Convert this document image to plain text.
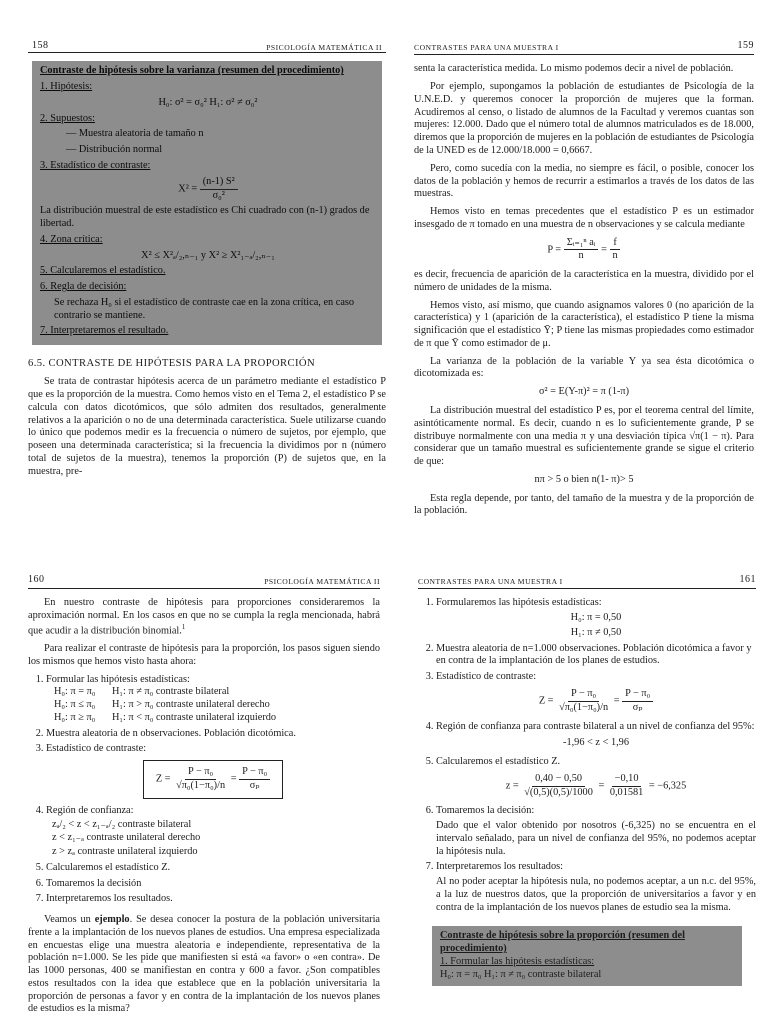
158	PSICOLOGÍA MATEMÁTICA II
Contraste de hipótesis sobre la varianza (resumen del procedimiento)
1. Hipótesis:
H₀: σ² = σ₀² H₁: σ² ≠ σ₀²
2. Supuestos:
— Muestra aleatoria de tamaño n
— Distribución normal
3. Estadístico de contraste:
$X^2 = \frac{\text{(n-1) S²}}{\text{σ₀²}}$
La distribución muestral de este estadístico es Chi cuadrado con (n-1) grados de libertad.
4. Zona crítica:
X² ≤ X²ₐ/₂,ₙ₋₁ y X² ≥ X²₁₋ₐ/₂,ₙ₋₁
5. Calcularemos el estadístico.
6. Regla de decisión:
Se rechaza H₀ si el estadístico de contraste cae en la zona crítica, en caso contrario se mantiene.
7. Interpretaremos el resultado.
6.5. CONTRASTE DE HIPÓTESIS PARA LA PROPORCIÓN

Se trata de contrastar hipótesis acerca de un parámetro mediante el estadístico P que es la proporción de la muestra. Como hemos visto en el Tema 2, el estadístico P se calcula con datos dicotómicos, que sólo admiten dos resultados, generalmente relativos a la aparición o no de una determinada característica. Suele utilizarse cuando lo único que podemos medir es la frecuencia o número de sujetos, por ejemplo, que poseen una determinada característica; si la frecuencia la dividimos por n (número total de sujetos de la muestra), tenemos la proporción (P) de sujetos que, en la muestra, pre-

CONTRASTES PARA UNA MUESTRA I	159

senta la característica medida. Lo mismo podemos decir a nivel de población.

Por ejemplo, supongamos la población de estudiantes de Psicología de la U.N.E.D. y queremos conocer la proporción de mujeres que la forman. Acudiremos al censo, o listado de alumnos de la Facultad y veremos cuantas son mujeres: 12.000. Dado que el número total de alumnos matriculados es de 18.000, diremos que la proporción de mujeres en la población de estudiantes de Psicología de la UNED es de 12.000/18.000 = 0,6667.

Pero, como sucedía con la media, no siempre es fácil, o posible, conocer los datos de la población y hemos de recurrir a estimarlos a través de los datos de las muestras.

Hemos visto en temas precedentes que el estadístico P es un estimador insesgado de π tomado en una muestra de n observaciones y se calcula mediante

$P = \frac{\text{Σᵢ₌₁ⁿ aᵢ}}{n} = \frac{f}{n}$

es decir, frecuencia de aparición de la característica en la muestra, dividido por el número de unidades de la misma.

Hemos visto, así mismo, que cuando asignamos valores 0 (no aparición de la característica) y 1 (aparición de la característica), el estadístico P tiene la misma significación que el estadístico Ȳ; P tiene las mismas propiedades como estimador de π que Ȳ como estimador de μ.

La varianza de la población de la variable Y ya sea ésta dicotómica o dicotomizada es:

σ² = E(Y-π)² = π (1-π)

La distribución muestral del estadístico P es, por el teorema central del límite, asintóticamente normal. Es decir, cuando n es lo suficientemente grande, P se distribuye normalmente con una media π y una desviación típica √π(1 − π). Para considerar que un tamaño muestral es suficientemente grande se sigue el criterio de que:

nπ > 5 o bien n(1- π)> 5

Esta regla depende, por tanto, del tamaño de la muestra y de la proporción de la población.

160	PSICOLOGÍA MATEMÁTICA II

En nuestro contraste de hipótesis para proporciones consideraremos la aproximación normal. En los casos en que no se cumpla la regla mencionada, habrá que acudir a la distribución binomial.$^1$

Para realizar el contraste de hipótesis para la proporción, los pasos siguen siendo los mismos que hemos visto hasta ahora:

1. Formular las hipótesis estadísticas:
H₀: π = π₀	H₁: π ≠ π₀ contraste bilateral
H₀: π ≤ π₀	H₁: π > π₀ contraste unilateral derecho
H₀: π ≥ π₀	H₁: π < π₀ contraste unilateral izquierdo
2. Muestra aleatoria de n observaciones. Población dicotómica.
3. Estadístico de contraste:
$Z = \frac{\text{P − π₀}}{\text{√π₀(1−π₀)/n}} = \frac{\text{P − π₀}}{\text{σₚ}}$
4. Región de confianza:
zₐ/₂ < z < z₁₋ₐ/₂ contraste bilateral
z < z₁₋ₐ contraste unilateral derecho
z > zₐ contraste unilateral izquierdo
5. Calcularemos el estadístico Z.
6. Tomaremos la decisión
7. Interpretaremos los resultados.

Veamos un ejemplo. Se desea conocer la postura de la población universitaria frente a la implantación de los nuevos planes de estudios. Una empresa especializada en encuestas elige una muestra aleatoria e independiente, representativa de la población n=1.000. Se les pide que manifiesten si está «a favor» o «en contra». De las 1000 personas, 400 se manifiestan en contra y 600 a favor. ¿Son compatibles estos resultados con la idea que establece que en la población universitaria la proporción de personas a favor y en contra de la implantación de los nuevos planes de estudios es la misma?

CONTRASTES PARA UNA MUESTRA I	161
1. Formularemos las hipótesis estadísticas:
H₀: π = 0,50
H₁: π ≠ 0,50
2. Muestra aleatoria de n=1.000 observaciones. Población dicotómica a favor y en contra de la implantación de los planes de estudios.
3. Estadístico de contraste:
$Z = \frac{\text{P − π₀}}{\text{√π₀(1−π₀)/n}} = \frac{\text{P − π₀}}{\text{σₚ}}$
4. Región de confianza para contraste bilateral a un nivel de confianza del 95%:
-1,96 < z < 1,96
5. Calcularemos el estadístico Z.
$z = \frac{0,40 - 0,50}{√(0,5)(0,5)/1000} = \frac{-0,10}{0,01581} = -6,325$
6. Tomaremos la decisión:

Dado que el valor obtenido por nosotros (-6,325) no se encuentra en el intervalo señalado, para un nivel de confianza del 95%, no podemos aceptar la hipótesis nula.

7. Interpretaremos los resultados:

Al no poder aceptar la hipótesis nula, no podemos aceptar, a un n.c. del 95%, a la luz de nuestros datos, que la proporción de universitarios a favor y en contra de la implantación de los nuevos planes de estudio sea la misma.

Contraste de hipótesis sobre la proporción (resumen del procedimiento)
1. Formular las hipótesis estadísticas:
H₀: π = π₀ H₁: π ≠ π₀ contraste bilateral
